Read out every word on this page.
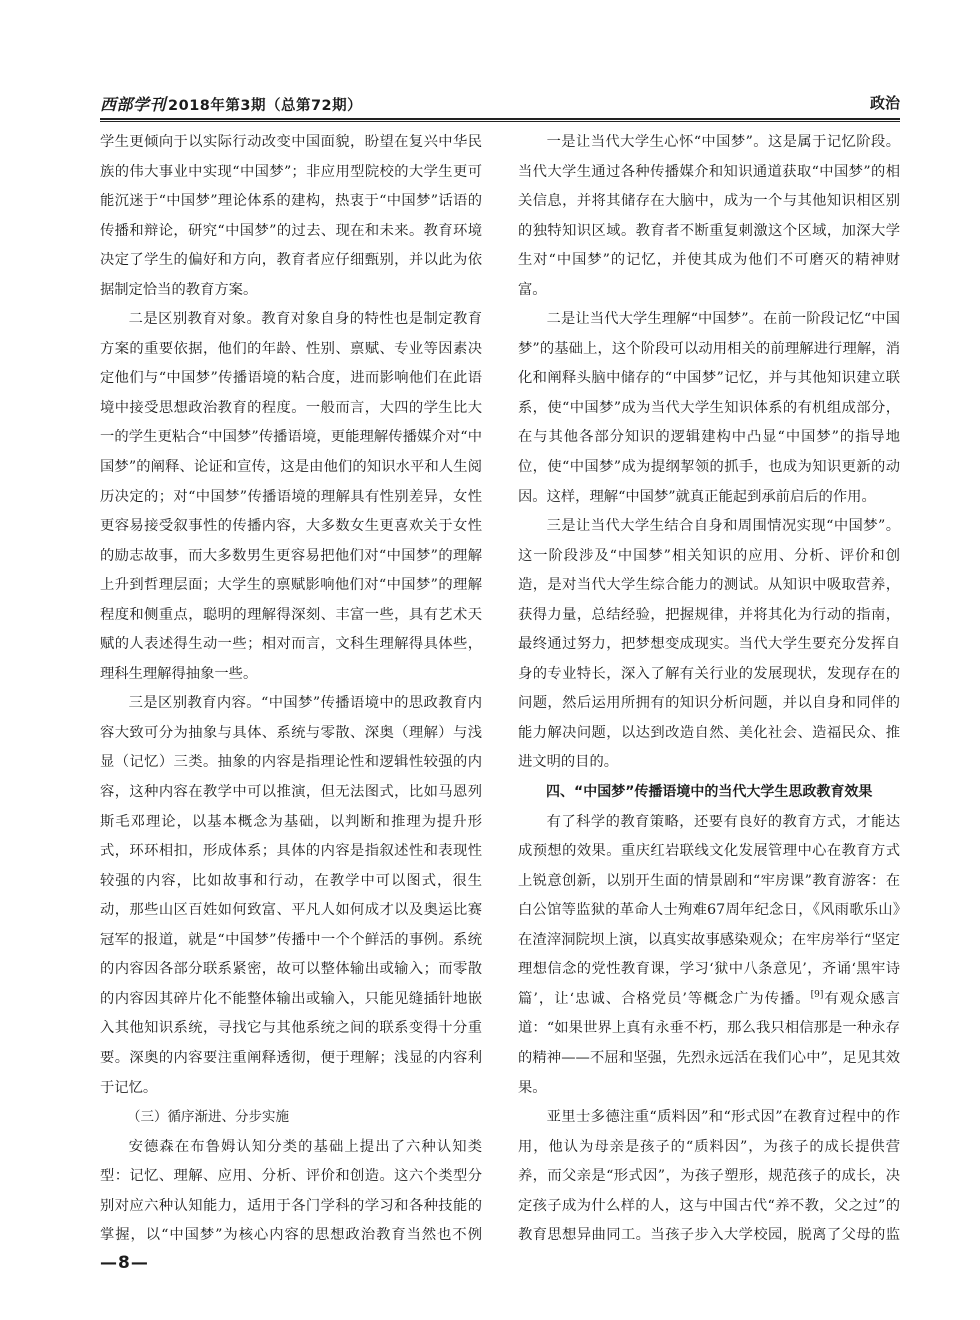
西部学刊 2018年第3期（总第72期）	政治

学生更倾向于以实际行动改变中国面貌，盼望在复兴中华民族的伟大事业中实现“中国梦”；非应用型院校的大学生更可能沉迷于“中国梦”理论体系的建构，热衷于“中国梦”话语的传播和辩论，研究“中国梦”的过去、现在和未来。教育环境决定了学生的偏好和方向，教育者应仔细甄别，并以此为依据制定恰当的教育方案。

二是区别教育对象。教育对象自身的特性也是制定教育方案的重要依据，他们的年龄、性别、禀赋、专业等因素决定他们与“中国梦”传播语境的粘合度，进而影响他们在此语境中接受思想政治教育的程度。一般而言，大四的学生比大一的学生更粘合“中国梦”传播语境，更能理解传播媒介对“中国梦”的阐释、论证和宣传，这是由他们的知识水平和人生阅历决定的；对“中国梦”传播语境的理解具有性别差异，女性更容易接受叙事性的传播内容，大多数女生更喜欢关于女性的励志故事，而大多数男生更容易把他们对“中国梦”的理解上升到哲理层面；大学生的禀赋影响他们对“中国梦”的理解程度和侧重点，聪明的理解得深刻、丰富一些，具有艺术天赋的人表述得生动一些；相对而言，文科生理解得具体些，理科生理解得抽象一些。

三是区别教育内容。“中国梦”传播语境中的思政教育内容大致可分为抽象与具体、系统与零散、深奥（理解）与浅显（记忆）三类。抽象的内容是指理论性和逻辑性较强的内容，这种内容在教学中可以推演，但无法图式，比如马恩列斯毛邓理论，以基本概念为基础，以判断和推理为提升形式，环环相扣，形成体系；具体的内容是指叙述性和表现性较强的内容，比如故事和行动，在教学中可以图式，很生动，那些山区百姓如何致富、平凡人如何成才以及奥运比赛冠军的报道，就是“中国梦”传播中一个个鲜活的事例。系统的内容因各部分联系紧密，故可以整体输出或输入；而零散的内容因其碎片化不能整体输出或输入，只能见缝插针地嵌入其他知识系统，寻找它与其他系统之间的联系变得十分重要。深奥的内容要注重阐释透彻，便于理解；浅显的内容利于记忆。

（三）循序渐进、分步实施

安德森在布鲁姆认知分类的基础上提出了六种认知类型：记忆、理解、应用、分析、评价和创造。这六个类型分别对应六种认知能力，适用于各门学科的学习和各种技能的掌握，以“中国梦”为核心内容的思想政治教育当然也不例

一是让当代大学生心怀“中国梦”。这是属于记忆阶段。当代大学生通过各种传播媒介和知识通道获取“中国梦”的相关信息，并将其储存在大脑中，成为一个与其他知识相区别的独特知识区域。教育者不断重复刺激这个区域，加深大学生对“中国梦”的记忆，并使其成为他们不可磨灭的精神财富。

二是让当代大学生理解“中国梦”。在前一阶段记忆“中国梦”的基础上，这个阶段可以动用相关的前理解进行理解，消化和阐释头脑中储存的“中国梦”记忆，并与其他知识建立联系，使“中国梦”成为当代大学生知识体系的有机组成部分，在与其他各部分知识的逻辑建构中凸显“中国梦”的指导地位，使“中国梦”成为提纲挈领的抓手，也成为知识更新的动因。这样，理解“中国梦”就真正能起到承前启后的作用。

三是让当代大学生结合自身和周围情况实现“中国梦”。这一阶段涉及“中国梦”相关知识的应用、分析、评价和创造，是对当代大学生综合能力的测试。从知识中吸取营养，获得力量，总结经验，把握规律，并将其化为行动的指南，最终通过努力，把梦想变成现实。当代大学生要充分发挥自身的专业特长，深入了解有关行业的发展现状，发现存在的问题，然后运用所拥有的知识分析问题，并以自身和同伴的能力解决问题，以达到改造自然、美化社会、造福民众、推进文明的目的。

四、“中国梦”传播语境中的当代大学生思政教育效果

有了科学的教育策略，还要有良好的教育方式，才能达成预想的效果。重庆红岩联线文化发展管理中心在教育方式上锐意创新，以别开生面的情景剧和“牢房课”教育游客：在白公馆等监狱的革命人士殉难67周年纪念日，《风雨歌乐山》在渣滓洞院坝上演，以真实故事感染观众；在牢房举行“坚定理想信念的党性教育课，学习‘狱中八条意见’，齐诵‘黑牢诗篇’，让‘忠诚、合格党员’等概念广为传播。[9]有观众感言道：“如果世界上真有永垂不朽，那么我只相信那是一种永存的精神——不屈和坚强，先烈永远活在我们心中”，足见其效果。

亚里士多德注重“质料因”和“形式因”在教育过程中的作用，他认为母亲是孩子的“质料因”，为孩子的成长提供营养，而父亲是“形式因”，为孩子塑形，规范孩子的成长，决定孩子成为什么样的人，这与中国古代“养不教，父之过”的教育思想异曲同工。当孩子步入大学校园，脱离了父母的监

—8—
